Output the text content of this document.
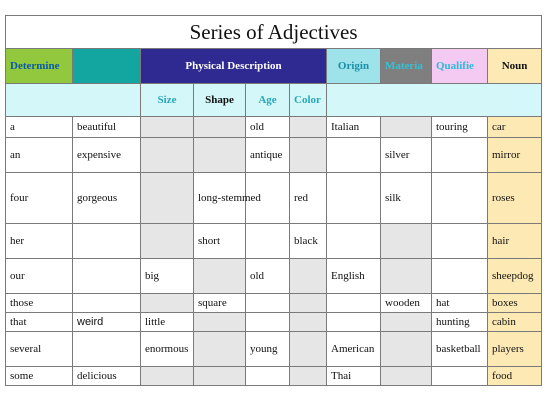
Series of Adjectives									
Determine		Physical Description				Origin	Materia	Qualifie	Noun
		Size	Shape	Age	Color				
a	beautiful			old		Italian		touring	car
an	expensive			antique			silver		mirror
four	gorgeous		long-stemmed		red		silk		roses
her			short		black				hair
our		big		old		English			sheepdog
those			square				wooden	hat	boxes
that	weird	little						hunting	cabin
several		enormous		young		American		basketball	players
some	delicious					Thai			food
